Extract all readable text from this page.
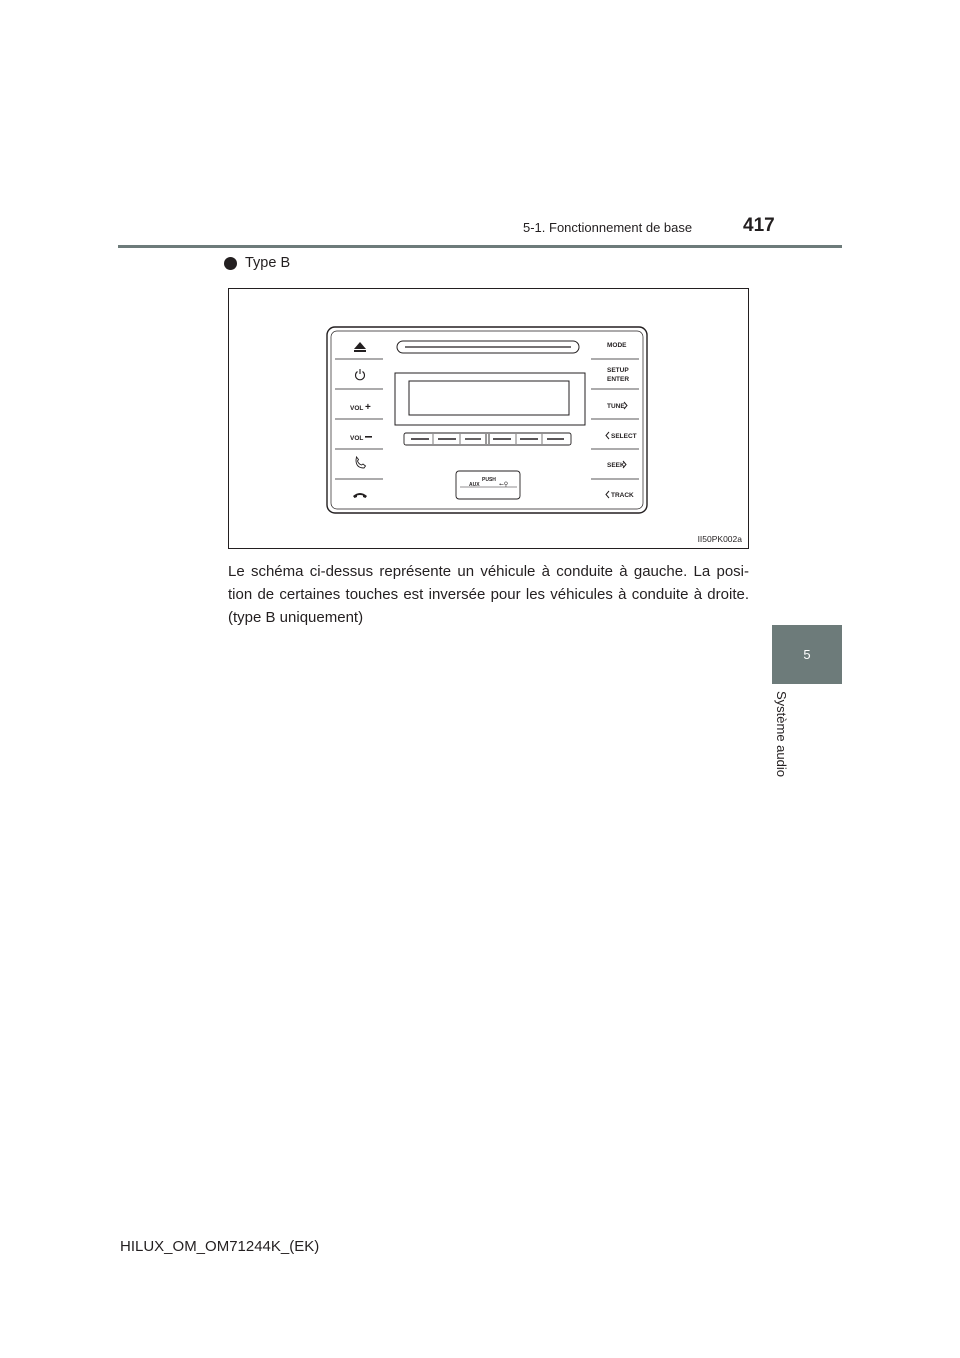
5-1. Fonctionnement de base	417
5
Système audio
Type B
PUSH
AUX	⭠⚲
VOL +
VOL
MODE
SETUP
ENTER
TUNE
SELECT
SEEK
TRACK
II50PK002a
Le schéma ci-dessus représente un véhicule à conduite à gauche. La posi-
tion de certaines touches est inversée pour les véhicules à conduite à droite.
(type B uniquement)
HILUX_OM_OM71244K_(EK)
